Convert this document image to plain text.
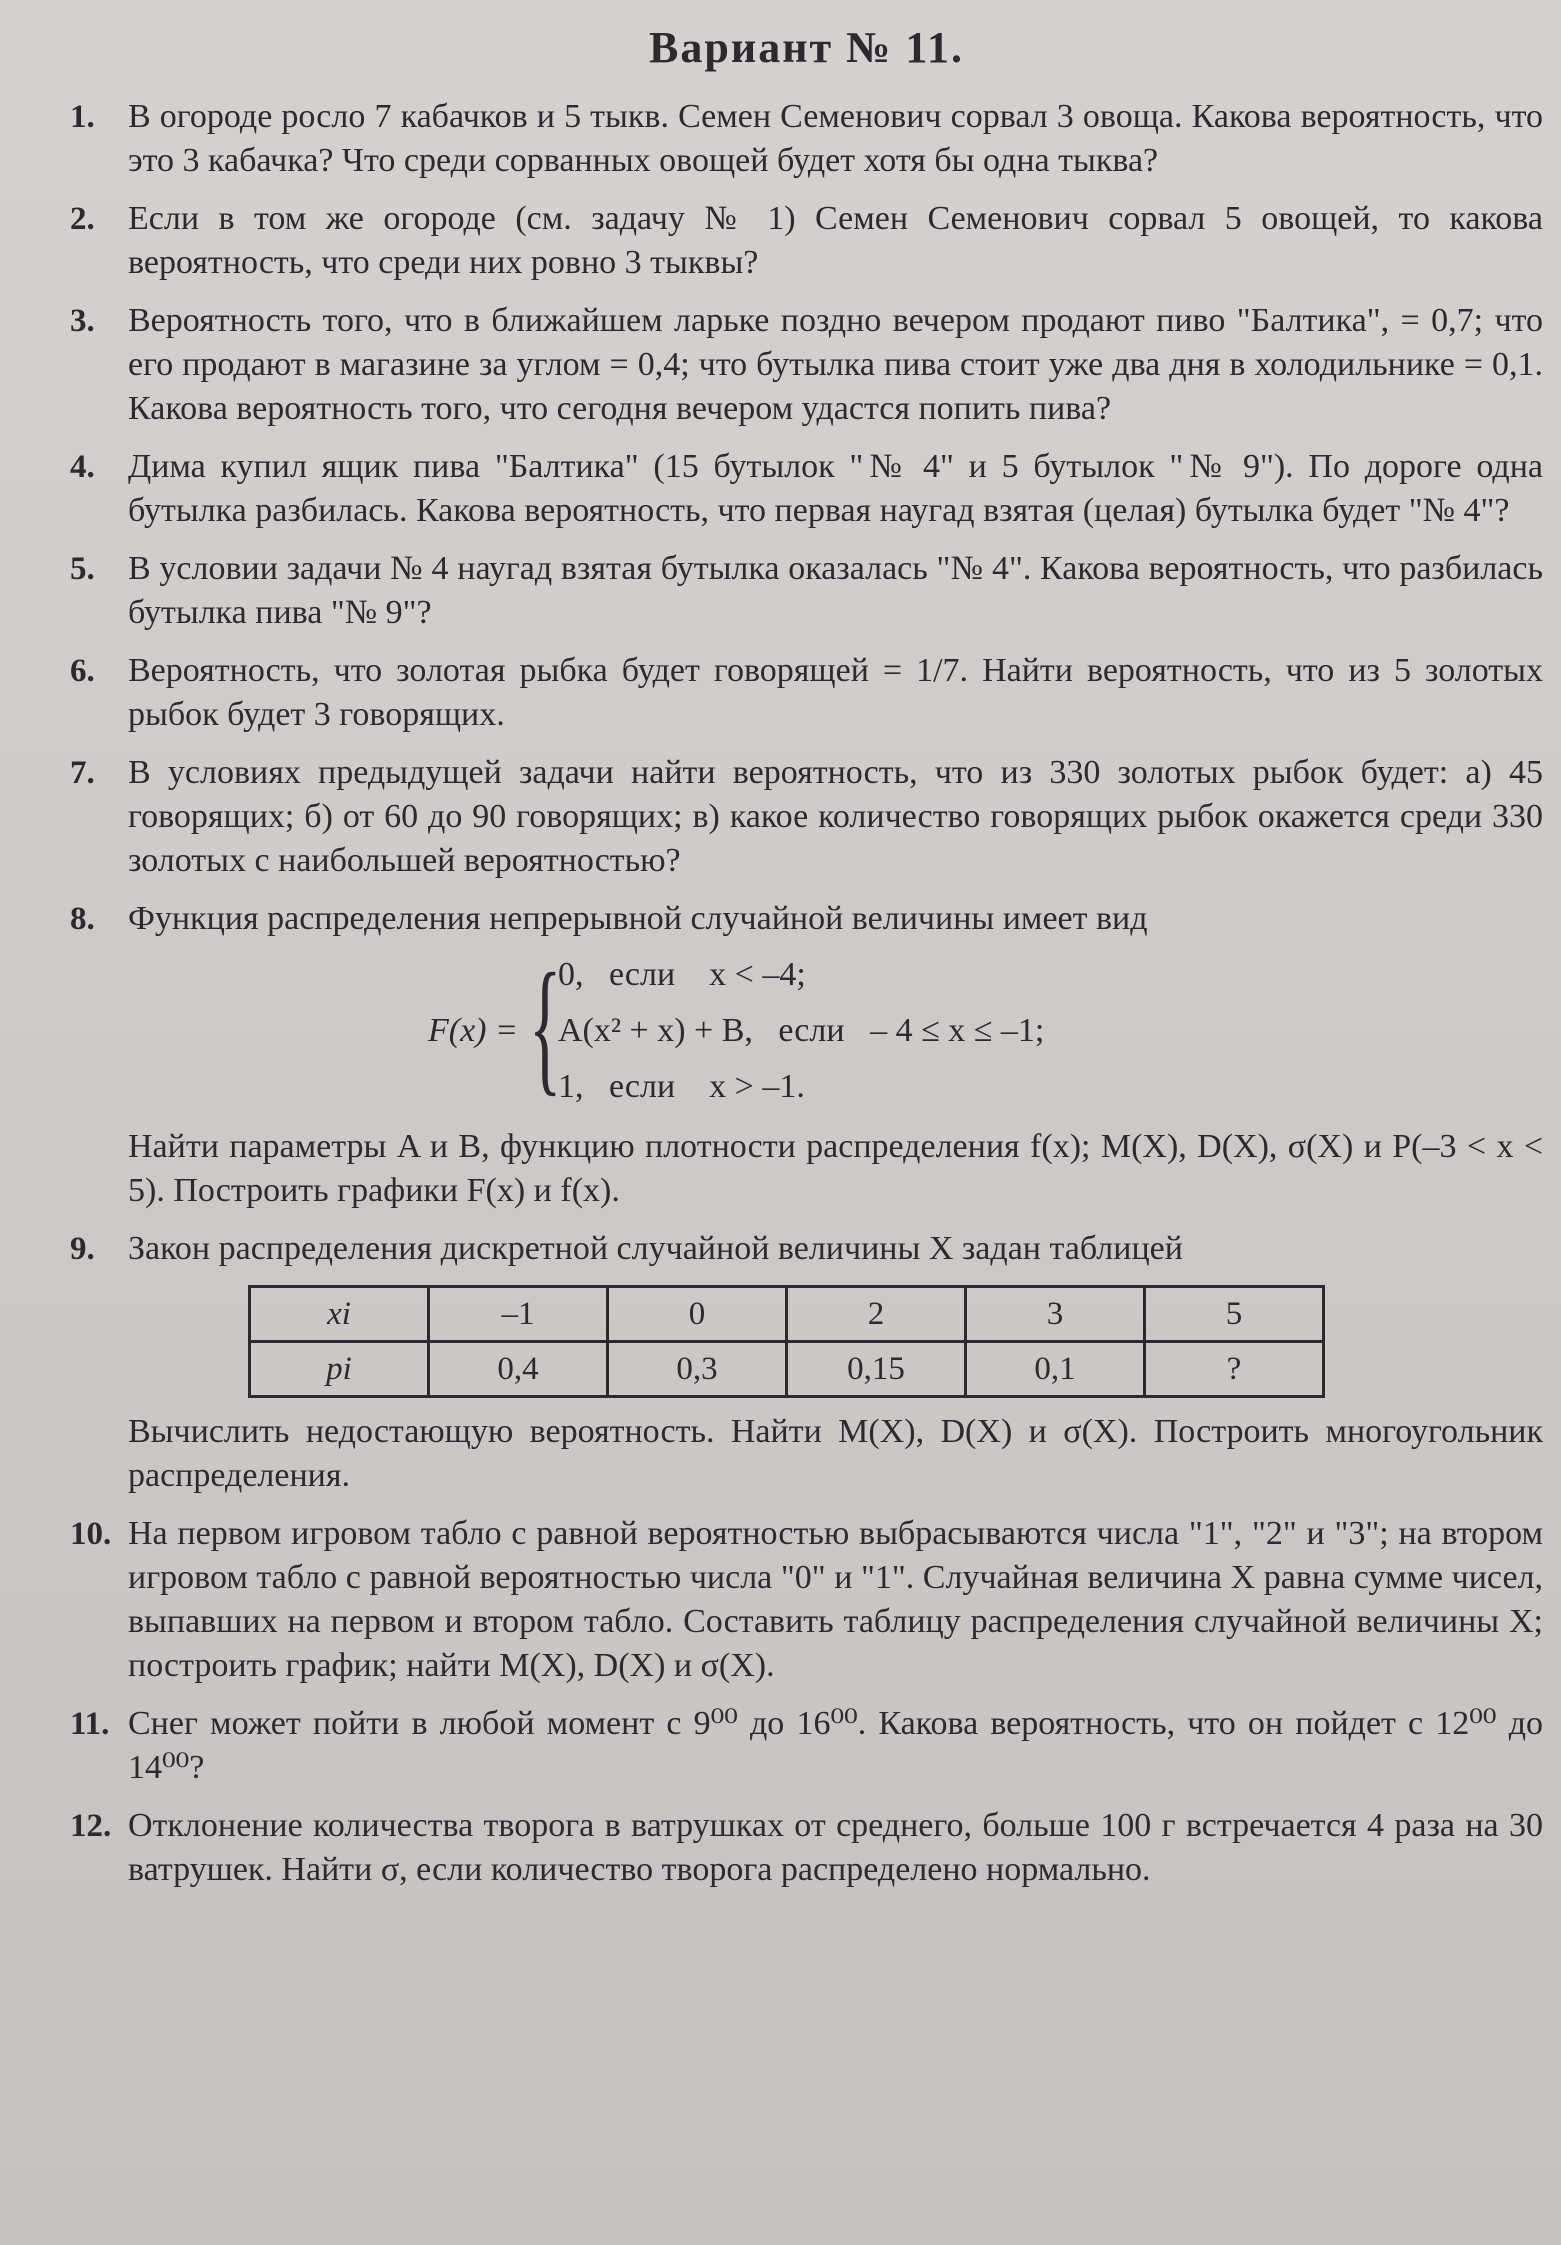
Вариант № 11.
1. В огороде росло 7 кабачков и 5 тыкв. Семен Семенович сорвал 3 овоща. Какова вероятность, что это 3 кабачка? Что среди сорванных овощей будет хотя бы одна тыква?
2. Если в том же огороде (см. задачу № 1) Семен Семенович сорвал 5 овощей, то какова вероятность, что среди них ровно 3 тыквы?
3. Вероятность того, что в ближайшем ларьке поздно вечером продают пиво "Балтика", = 0,7; что его продают в магазине за углом = 0,4; что бутылка пива стоит уже два дня в холодильнике = 0,1. Какова вероятность того, что сегодня вечером удастся попить пива?
4. Дима купил ящик пива "Балтика" (15 бутылок "№ 4" и 5 бутылок "№ 9"). По дороге одна бутылка разбилась. Какова вероятность, что первая наугад взятая (целая) бутылка будет "№ 4"?
5. В условии задачи № 4 наугад взятая бутылка оказалась "№ 4". Какова вероятность, что разбилась бутылка пива "№ 9"?
6. Вероятность, что золотая рыбка будет говорящей = 1/7. Найти вероятность, что из 5 золотых рыбок будет 3 говорящих.
7. В условиях предыдущей задачи найти вероятность, что из 330 золотых рыбок будет: а) 45 говорящих; б) от 60 до 90 говорящих; в) какое количество говорящих рыбок окажется среди 330 золотых с наибольшей вероятностью?
8. Функция распределения непрерывной случайной величины имеет вид
F(x) = {
0,   если    x < –4;
A(x² + x) + B,   если   – 4 ≤ x ≤ –1;
1,   если    x > –1.
Найти параметры A и B, функцию плотности распределения f(x); M(X), D(X), σ(X) и P(–3 < x < 5). Построить графики F(x) и f(x).
9. Закон распределения дискретной случайной величины X задан таблицей
xi	–1	0	2	3	5
pi	0,4	0,3	0,15	0,1	?
Вычислить недостающую вероятность. Найти M(X), D(X) и σ(X). Построить многоугольник распределения.
10. На первом игровом табло с равной вероятностью выбрасываются числа "1", "2" и "3"; на втором игровом табло с равной вероятностью числа "0" и "1". Случайная величина X равна сумме чисел, выпавших на первом и втором табло. Составить таблицу распределения случайной величины X; построить график; найти M(X), D(X) и σ(X).
11. Снег может пойти в любой момент с 9⁰⁰ до 16⁰⁰. Какова вероятность, что он пойдет с 12⁰⁰ до 14⁰⁰?
12. Отклонение количества творога в ватрушках от среднего, больше 100 г встречается 4 раза на 30 ватрушек. Найти σ, если количество творога распределено нормально.
